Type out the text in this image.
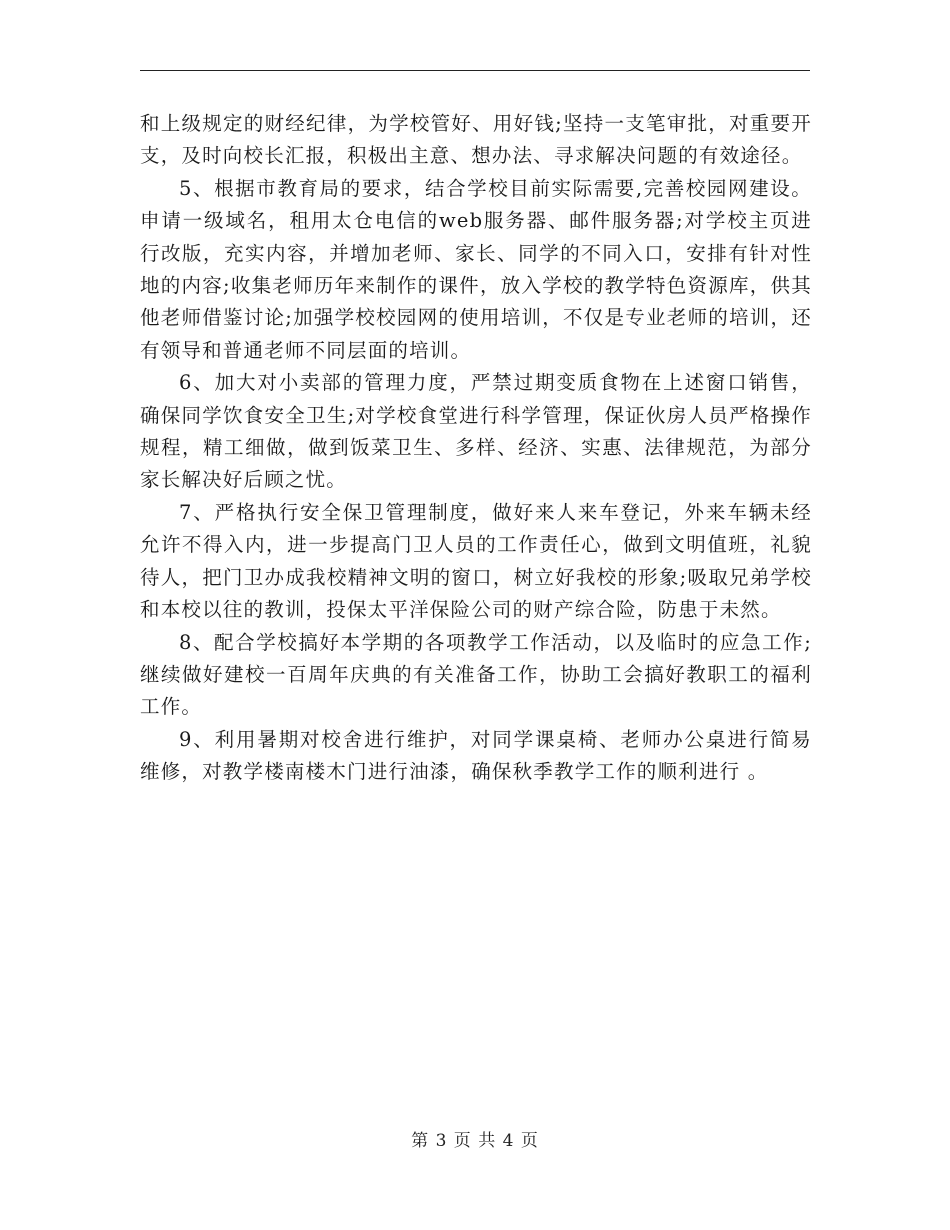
和上级规定的财经纪律，为学校管好、用好钱;坚持一支笔审批，对重要开支，及时向校长汇报，积极出主意、想办法、寻求解决问题的有效途径。

5、根据市教育局的要求，结合学校目前实际需要,完善校园网建设。申请一级域名，租用太仓电信的web服务器、邮件服务器;对学校主页进行改版，充实内容，并增加老师、家长、同学的不同入口，安排有针对性地的内容;收集老师历年来制作的课件，放入学校的教学特色资源库，供其他老师借鉴讨论;加强学校校园网的使用培训，不仅是专业老师的培训，还有领导和普通老师不同层面的培训。

6、加大对小卖部的管理力度，严禁过期变质食物在上述窗口销售，确保同学饮食安全卫生;对学校食堂进行科学管理，保证伙房人员严格操作规程，精工细做，做到饭菜卫生、多样、经济、实惠、法律规范，为部分家长解决好后顾之忧。

7、严格执行安全保卫管理制度，做好来人来车登记，外来车辆未经允许不得入内，进一步提高门卫人员的工作责任心，做到文明值班，礼貌待人，把门卫办成我校精神文明的窗口，树立好我校的形象;吸取兄弟学校和本校以往的教训，投保太平洋保险公司的财产综合险，防患于未然。

8、配合学校搞好本学期的各项教学工作活动，以及临时的应急工作;继续做好建校一百周年庆典的有关准备工作，协助工会搞好教职工的福利工作。

9、利用暑期对校舍进行维护，对同学课桌椅、老师办公桌进行简易维修，对教学楼南楼木门进行油漆，确保秋季教学工作的顺利进行 。

第 3 页 共 4 页
